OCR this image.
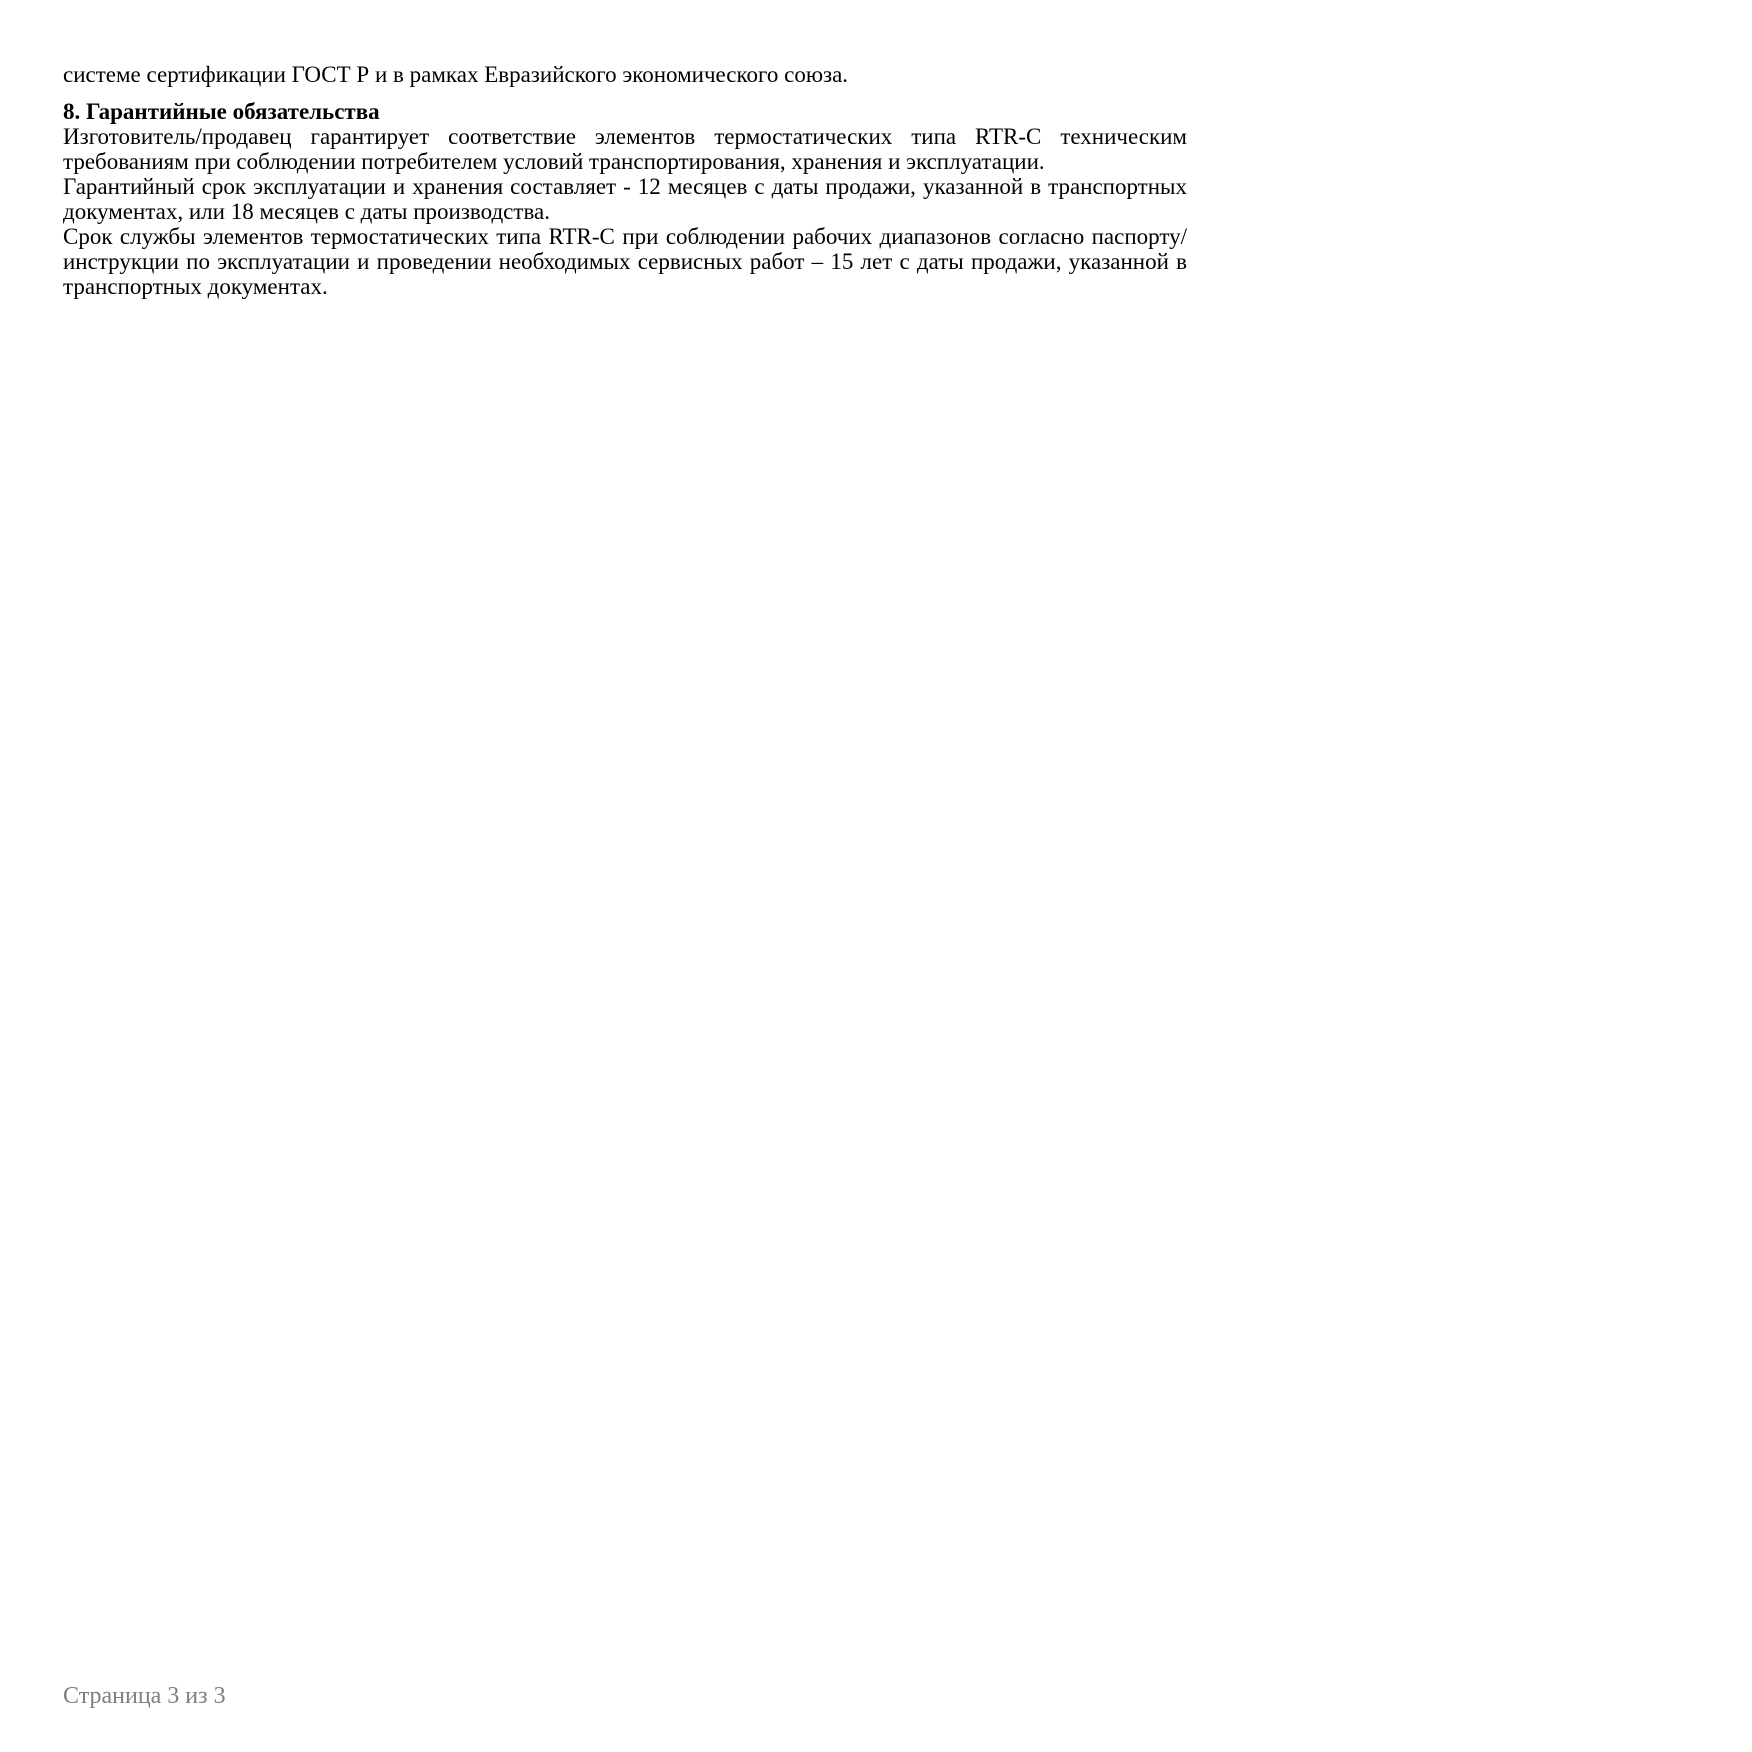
системе сертификации ГОСТ Р и в рамках Евразийского экономического союза.

8. Гарантийные обязательства

Изготовитель/продавец гарантирует соответствие элементов термостатических типа RTR-C техническим требованиям при соблюдении потребителем условий транспортирования, хранения и эксплуатации.

Гарантийный срок эксплуатации и хранения составляет - 12 месяцев с даты продажи, указанной в транспортных документах, или 18 месяцев с даты производства.

Срок службы элементов термостатических типа RTR-C при соблюдении рабочих диапазонов согласно паспорту/инструкции по эксплуатации и проведении необходимых сервисных работ – 15 лет с даты продажи, указанной в транспортных документах.

Страница 3 из 3
